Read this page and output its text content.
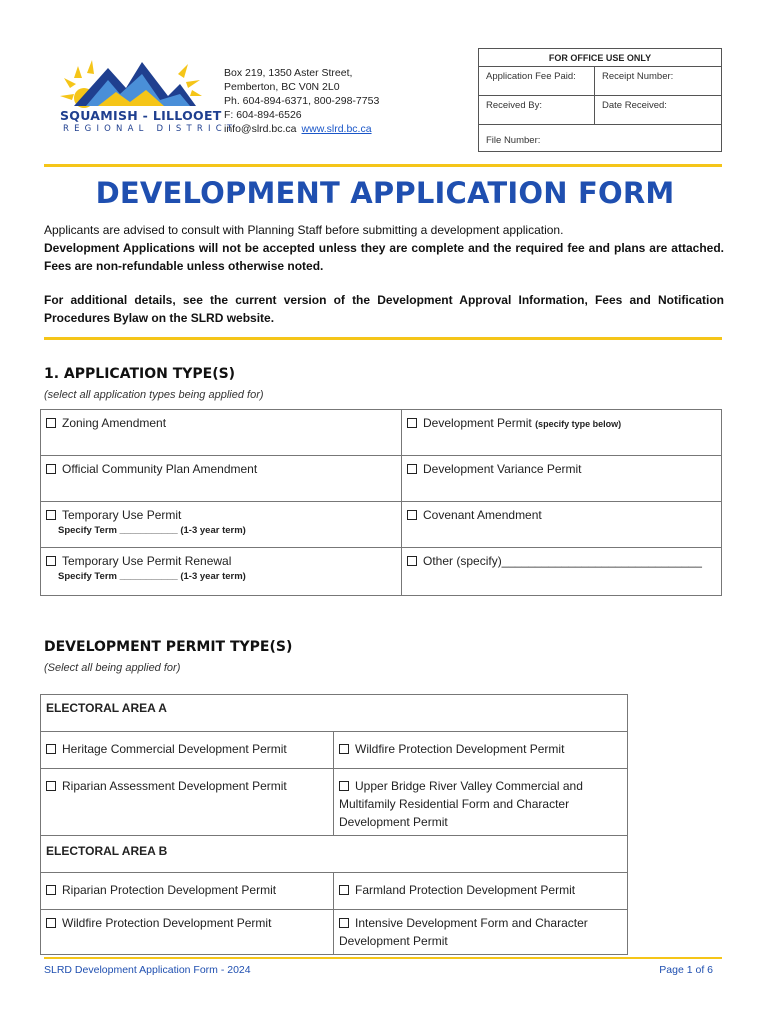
SQUAMISH - LILLOOET
REGIONAL DISTRICT
Box 219, 1350 Aster Street,
Pemberton, BC V0N 2L0
Ph. 604-894-6371, 800-298-7753
F: 604-894-6526
info@slrd.bc.ca www.slrd.bc.ca
FOR OFFICE USE ONLY
Application Fee Paid:	Receipt Number:
Received By:	Date Received:
File Number:
DEVELOPMENT APPLICATION FORM
Applicants are advised to consult with Planning Staff before submitting a development application.
Development Applications will not be accepted unless they are complete and the required fee and plans are attached. Fees are non-refundable unless otherwise noted.
For additional details, see the current version of the Development Approval Information, Fees and Notification Procedures Bylaw on the SLRD website.
1. APPLICATION TYPE(S)
(select all application types being applied for)
Zoning Amendment	Development Permit (specify type below)
Official Community Plan Amendment	Development Variance Permit
Temporary Use Permit
Specify Term ___________ (1-3 year term)	Covenant Amendment
Temporary Use Permit Renewal
Specify Term ___________ (1-3 year term)	Other (specify)______________________________
DEVELOPMENT PERMIT TYPE(S)
(Select all being applied for)
ELECTORAL AREA A	
Heritage Commercial Development Permit	Wildfire Protection Development Permit
Riparian Assessment Development Permit	Upper Bridge River Valley Commercial and Multifamily Residential Form and Character Development Permit
ELECTORAL AREA B	
Riparian Protection Development Permit	Farmland Protection Development Permit
Wildfire Protection Development Permit	Intensive Development Form and Character Development Permit
SLRD Development Application Form - 2024	Page 1 of 6
